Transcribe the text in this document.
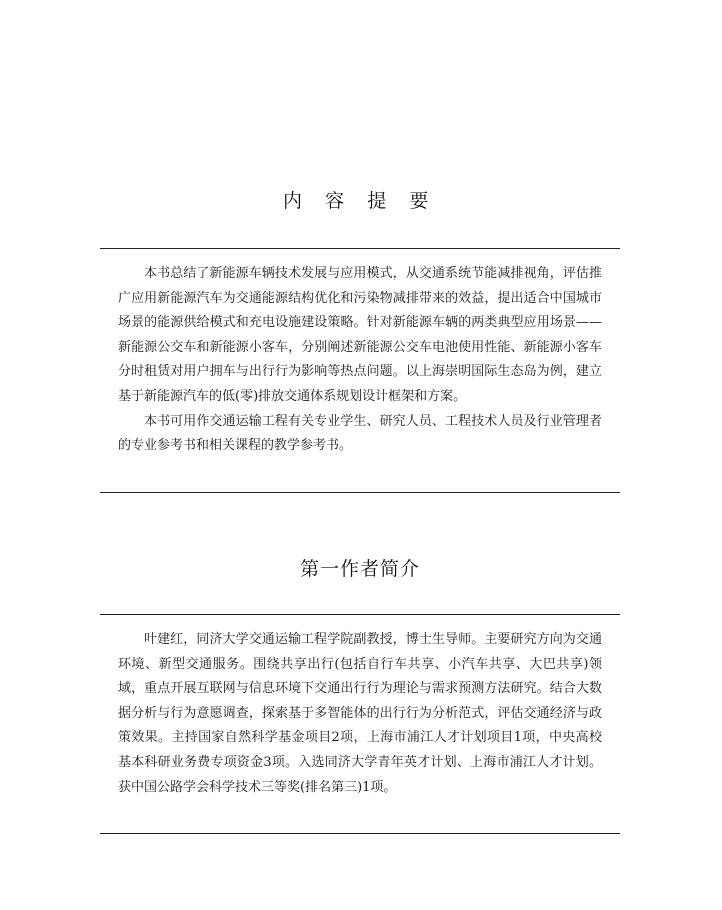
内 容 提 要

本书总结了新能源车辆技术发展与应用模式，从交通系统节能减排视角，评估推广应用新能源汽车为交通能源结构优化和污染物减排带来的效益，提出适合中国城市场景的能源供给模式和充电设施建设策略。针对新能源车辆的两类典型应用场景——新能源公交车和新能源小客车，分别阐述新能源公交车电池使用性能、新能源小客车分时租赁对用户拥车与出行行为影响等热点问题。以上海崇明国际生态岛为例，建立基于新能源汽车的低(零)排放交通体系规划设计框架和方案。

本书可用作交通运输工程有关专业学生、研究人员、工程技术人员及行业管理者的专业参考书和相关课程的教学参考书。

第一作者简介

叶建红，同济大学交通运输工程学院副教授，博士生导师。主要研究方向为交通环境、新型交通服务。围绕共享出行(包括自行车共享、小汽车共享、大巴共享)领域，重点开展互联网与信息环境下交通出行行为理论与需求预测方法研究。结合大数据分析与行为意愿调查，探索基于多智能体的出行行为分析范式，评估交通经济与政策效果。主持国家自然科学基金项目2项，上海市浦江人才计划项目1项，中央高校基本科研业务费专项资金3项。入选同济大学青年英才计划、上海市浦江人才计划。获中国公路学会科学技术三等奖(排名第三)1项。
